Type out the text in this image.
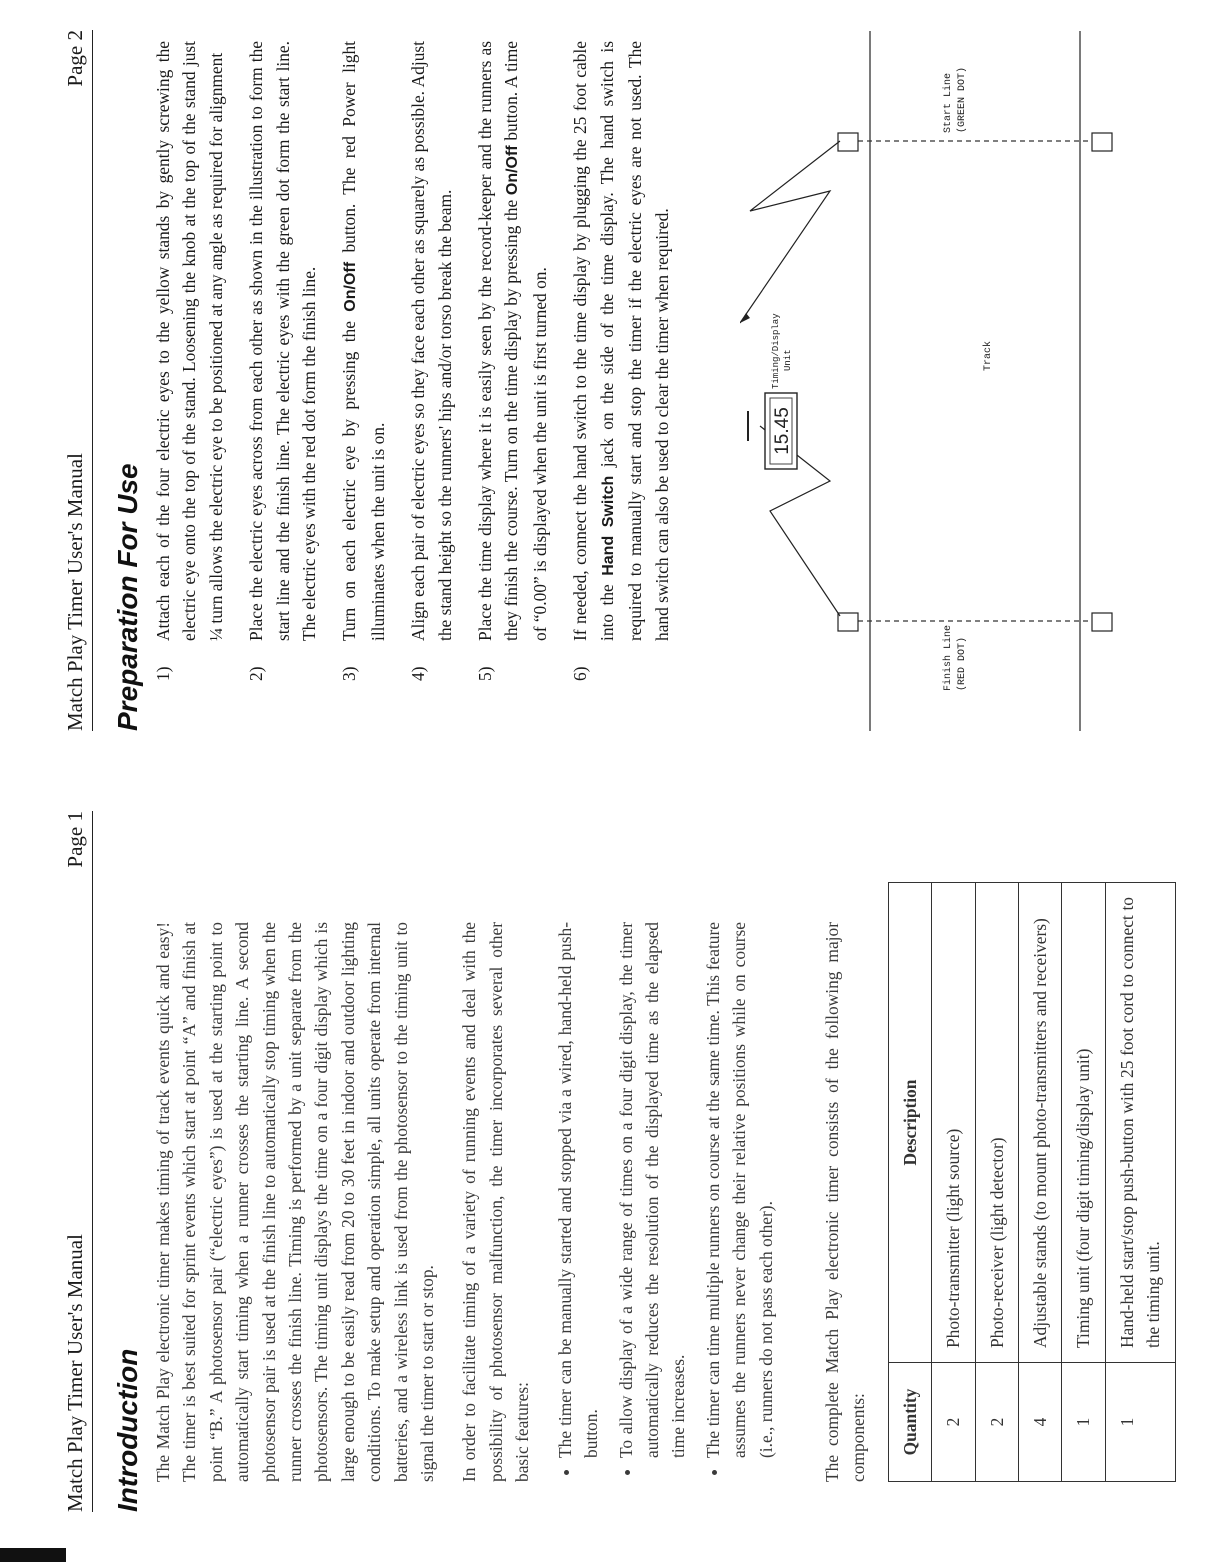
Match Play Timer User's Manual
Page 1
Introduction The Match Play electronic timer makes timing of track events quick and easy! The timer is best suited for sprint events which start at point “A” and finish at point “B.” A photosensor pair (“electric eyes”) is used at the starting point to automatically start timing when a runner crosses the starting line. A second photosensor pair is used at the finish line to automatically stop timing when the runner crosses the finish line. Timing is performed by a unit separate from the photosensors. The timing unit displays the time on a four digit display which is large enough to be easily read from 20 to 30 feet in indoor and outdoor lighting conditions. To make setup and operation simple, all units operate from internal batteries, and a wireless link is used from the photosensor to the timing unit to signal the timer to start or stop. In order to facilitate timing of a variety of running events and deal with the possibility of photosensor malfunction, the timer incorporates several other basic features: • The timer can be manually started and stopped via a wired, hand-held push-button. • To allow display of a wide range of times on a four digit display, the timer automatically reduces the resolution of the displayed time as the elapsed time increases. • The timer can time multiple runners on course at the same time. This feature assumes the runners never change their relative positions while on course (i.e., runners do not pass each other).	The complete Match Play electronic timer consists of the following major components: Quantity	Description
2	Photo-transmitter (light source)
2	Photo-receiver (light detector)
4	Adjustable stands (to mount photo-transmitters and receivers)
1	Timing unit (four digit timing/display unit)
1	Hand-held start/stop push-button with 25 foot cord to connect to the timing unit.
Match Play Timer User's Manual
Page 2
Preparation For Use 1)
Attach each of the four electric eyes to the yellow stands by gently screwing the electric eye onto the top of the stand. Loosening the knob at the top of the stand just ¼ turn allows the electric eye to be positioned at any angle as required for alignment
2)
Place the electric eyes across from each other as shown in the illustration to form the start line and the finish line. The electric eyes with the green dot form the start line. The electric eyes with the red dot form the finish line.
3)
Turn on each electric eye by pressing the On/Off button. The red Power light illuminates when the unit is on.
4)
Align each pair of electric eyes so they face each other as squarely as possible. Adjust the stand height so the runners' hips and/or torso break the beam.
5)
Place the time display where it is easily seen by the record-keeper and the runners as they finish the course. Turn on the time display by pressing the On/Off button. A time of “0.00” is displayed when the unit is first turned on.
6)
If needed, connect the hand switch to the time display by plugging the 25 foot cable into the Hand Switch jack on the side of the time display. The hand switch is required to manually start and stop the timer if the electric eyes are not used. The hand switch can also be used to clear the timer when required.	15.45
Timing/Display Unit	Track
Finish Line (RED DOT)
Start Line (GREEN DOT)
